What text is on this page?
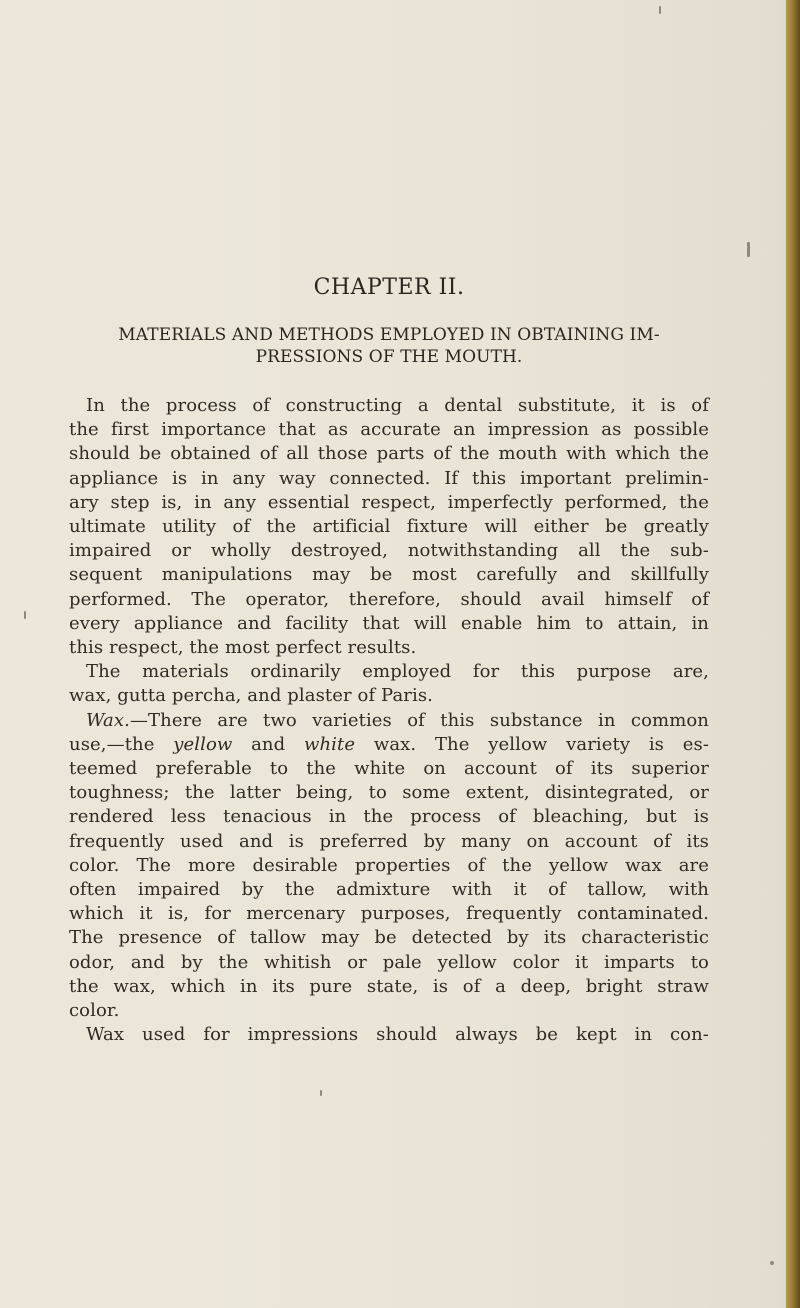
CHAPTER II.
MATERIALS AND METHODS EMPLOYED IN OBTAINING IM-
PRESSIONS OF THE MOUTH.
In the process of constructing a dental substitute, it is of
the first importance that as accurate an impression as possible
should be obtained of all those parts of the mouth with which the
appliance is in any way connected. If this important prelimin-
ary step is, in any essential respect, imperfectly performed, the
ultimate utility of the artificial fixture will either be greatly
impaired or wholly destroyed, notwithstanding all the sub-
sequent manipulations may be most carefully and skillfully
performed. The operator, therefore, should avail himself of
every appliance and facility that will enable him to attain, in
this respect, the most perfect results.
The materials ordinarily employed for this purpose are,
wax, gutta percha, and plaster of Paris.
Wax.—There are two varieties of this substance in common
use,—the yellow and white wax. The yellow variety is es-
teemed preferable to the white on account of its superior
toughness; the latter being, to some extent, disintegrated, or
rendered less tenacious in the process of bleaching, but is
frequently used and is preferred by many on account of its
color. The more desirable properties of the yellow wax are
often impaired by the admixture with it of tallow, with
which it is, for mercenary purposes, frequently contaminated.
The presence of tallow may be detected by its characteristic
odor, and by the whitish or pale yellow color it imparts to
the wax, which in its pure state, is of a deep, bright straw
color.
Wax used for impressions should always be kept in con-
